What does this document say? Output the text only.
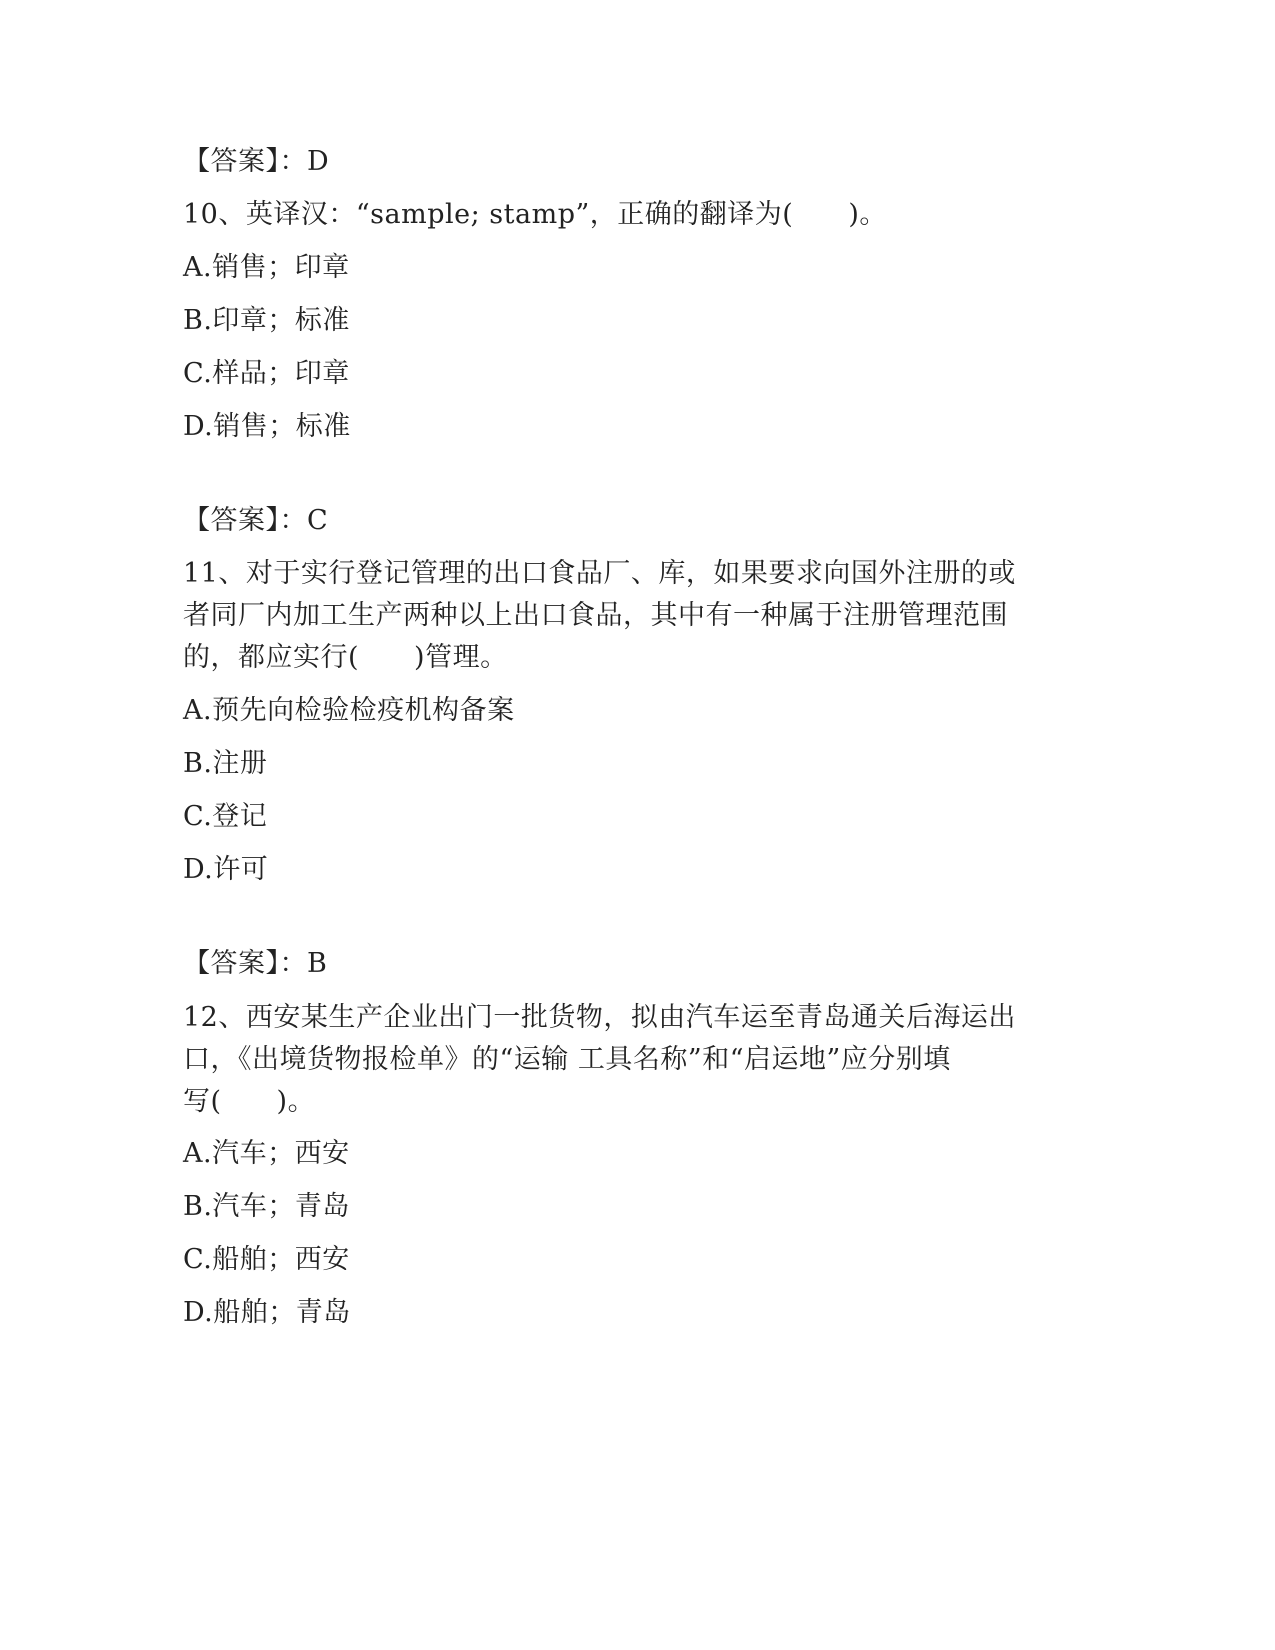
【答案】：D
10、英译汉：“sample; stamp”，正确的翻译为(　　)。
A.销售；印章
B.印章；标准
C.样品；印章
D.销售；标准
【答案】：C
11、对于实行登记管理的出口食品厂、库，如果要求向国外注册的或
者同厂内加工生产两种以上出口食品，其中有一种属于注册管理范围
的，都应实行(　　)管理。
A.预先向检验检疫机构备案
B.注册
C.登记
D.许可
【答案】：B
12、西安某生产企业出门一批货物，拟由汽车运至青岛通关后海运出
口，《出境货物报检单》的“运输 工具名称”和“启运地”应分别填
写(　　)。
A.汽车；西安
B.汽车；青岛
C.船舶；西安
D.船舶；青岛
